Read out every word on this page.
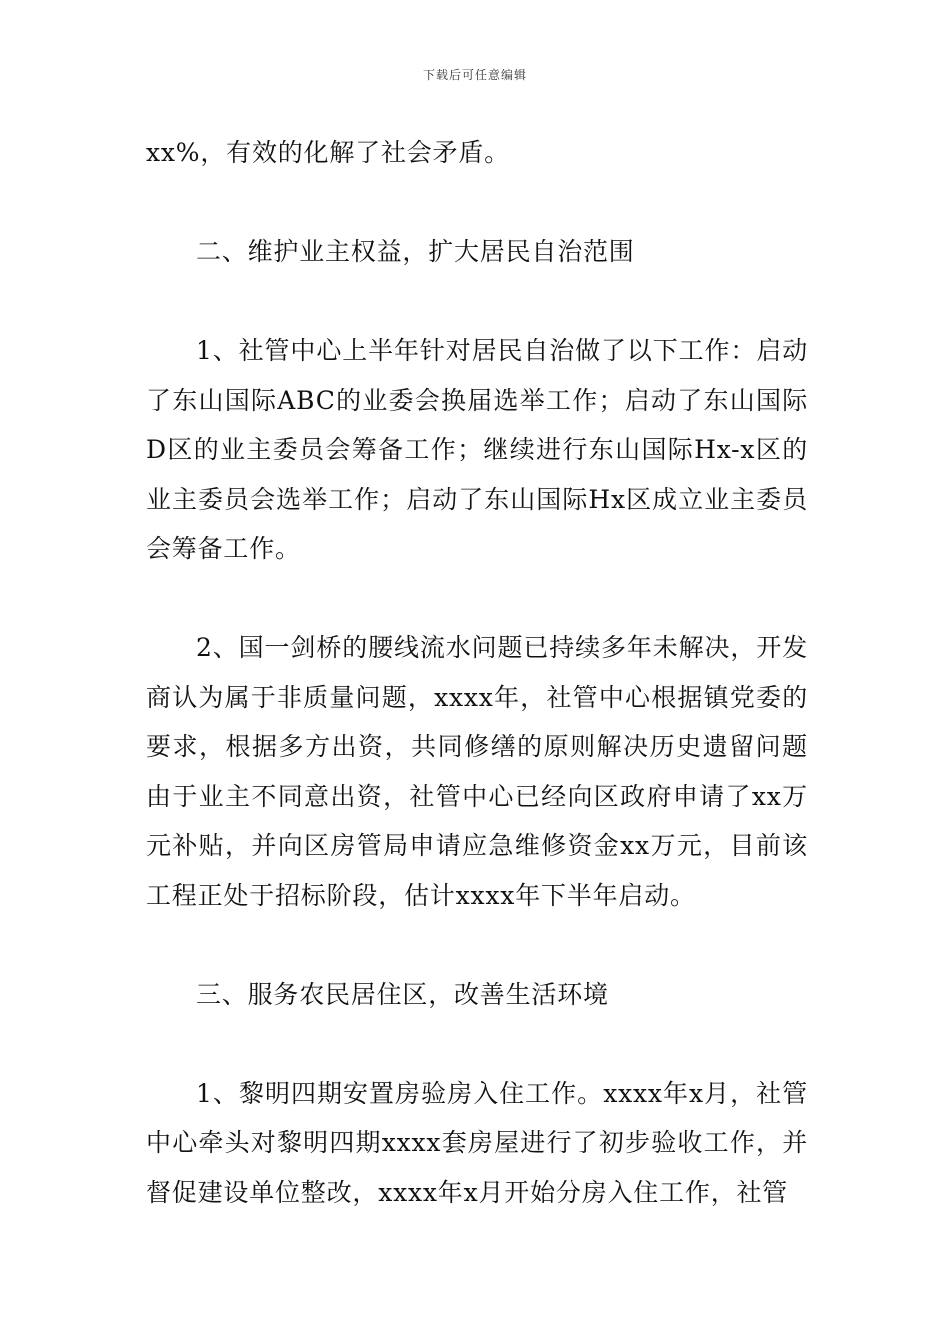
下载后可任意编辑

xx%，有效的化解了社会矛盾。

二、维护业主权益，扩大居民自治范围

1、社管中心上半年针对居民自治做了以下工作：启动了东山国际ABC的业委会换届选举工作；启动了东山国际D区的业主委员会筹备工作；继续进行东山国际Hx-x区的业主委员会选举工作；启动了东山国际Hx区成立业主委员会筹备工作。

2、国一剑桥的腰线流水问题已持续多年未解决，开发商认为属于非质量问题，xxxx年，社管中心根据镇党委的要求，根据多方出资，共同修缮的原则解决历史遗留问题由于业主不同意出资，社管中心已经向区政府申请了xx万元补贴，并向区房管局申请应急维修资金xx万元，目前该工程正处于招标阶段，估计xxxx年下半年启动。

三、服务农民居住区，改善生活环境

1、黎明四期安置房验房入住工作。xxxx年x月，社管中心牵头对黎明四期xxxx套房屋进行了初步验收工作，并督促建设单位整改，xxxx年x月开始分房入住工作，社管
